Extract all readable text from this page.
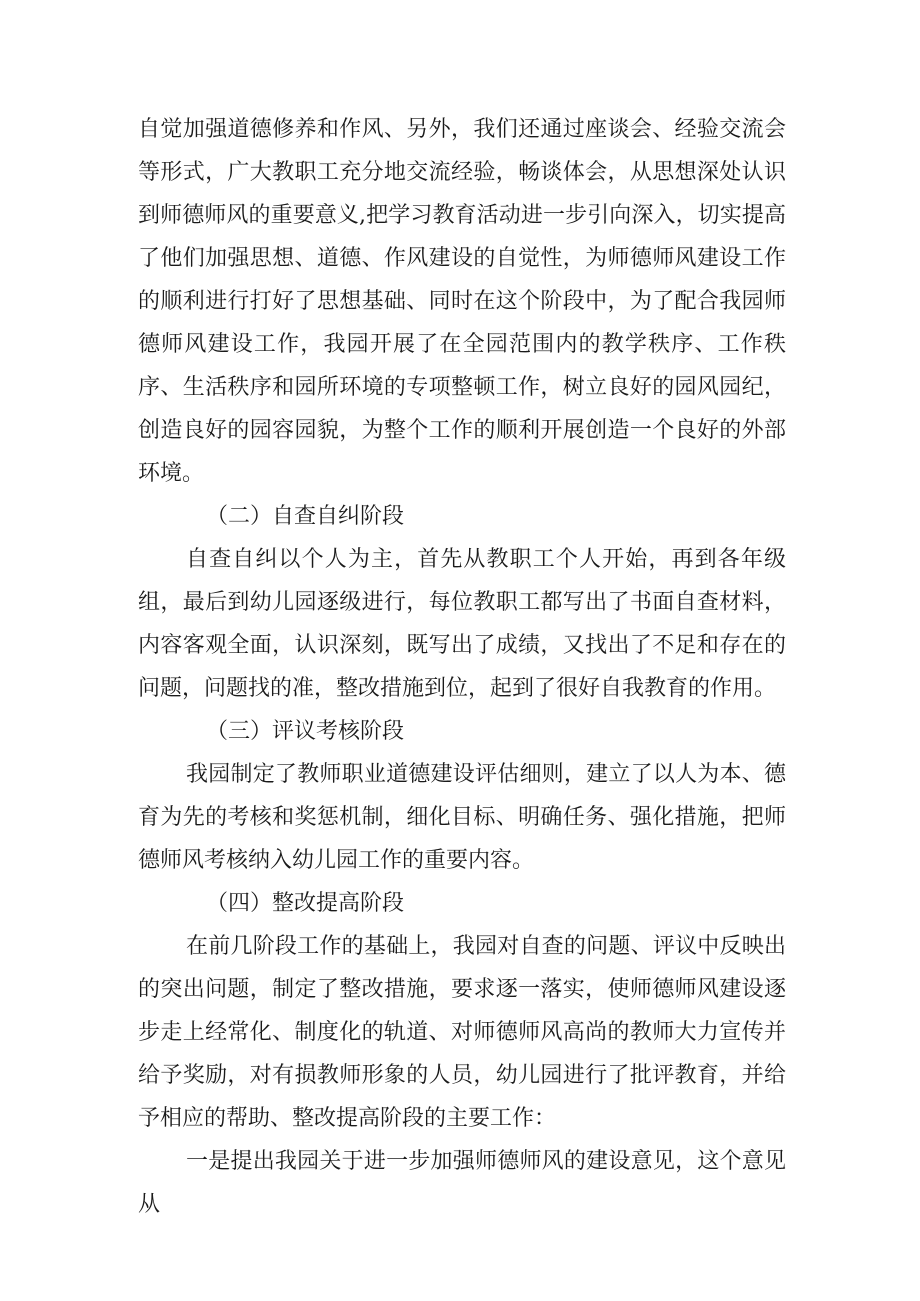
自觉加强道德修养和作风、另外，我们还通过座谈会、经验交流会等形式，广大教职工充分地交流经验，畅谈体会，从思想深处认识到师德师风的重要意义,把学习教育活动进一步引向深入，切实提高了他们加强思想、道德、作风建设的自觉性，为师德师风建设工作的顺利进行打好了思想基础、同时在这个阶段中，为了配合我园师德师风建设工作，我园开展了在全园范围内的教学秩序、工作秩序、生活秩序和园所环境的专项整顿工作，树立良好的园风园纪，创造良好的园容园貌，为整个工作的顺利开展创造一个良好的外部环境。

（二）自查自纠阶段

自查自纠以个人为主，首先从教职工个人开始，再到各年级组，最后到幼儿园逐级进行，每位教职工都写出了书面自查材料，内容客观全面，认识深刻，既写出了成绩，又找出了不足和存在的问题，问题找的准，整改措施到位，起到了很好自我教育的作用。

（三）评议考核阶段

我园制定了教师职业道德建设评估细则，建立了以人为本、德育为先的考核和奖惩机制，细化目标、明确任务、强化措施，把师德师风考核纳入幼儿园工作的重要内容。

（四）整改提高阶段

在前几阶段工作的基础上，我园对自查的问题、评议中反映出的突出问题，制定了整改措施，要求逐一落实，使师德师风建设逐步走上经常化、制度化的轨道、对师德师风高尚的教师大力宣传并给予奖励，对有损教师形象的人员，幼儿园进行了批评教育，并给予相应的帮助、整改提高阶段的主要工作：

一是提出我园关于进一步加强师德师风的建设意见，这个意见从
